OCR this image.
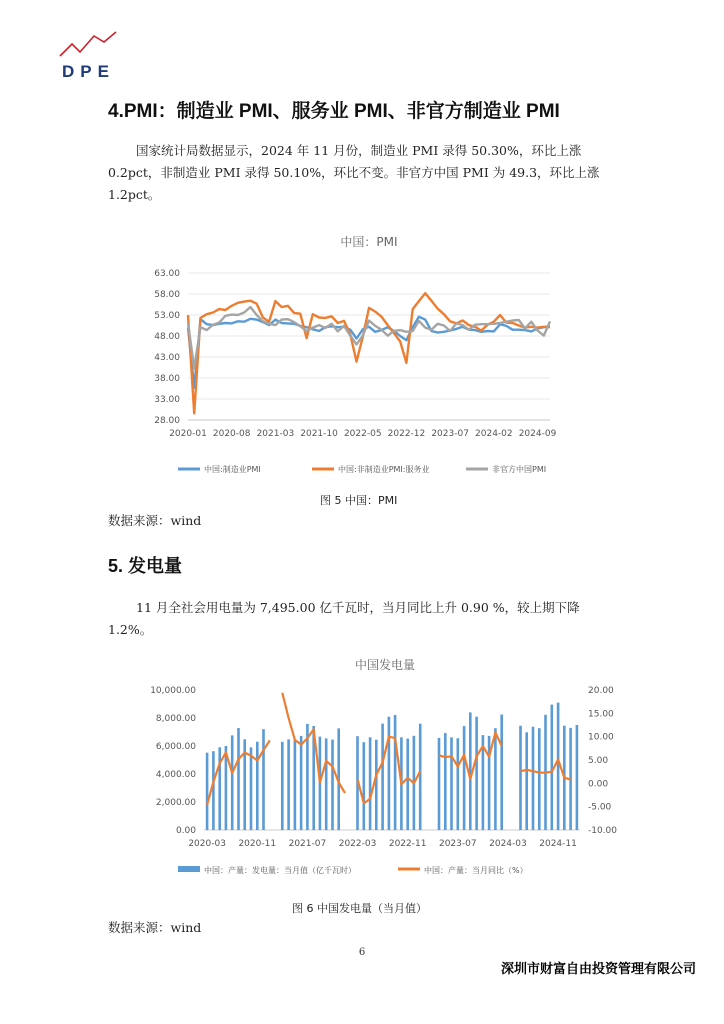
DPE
4.PMI：制造业 PMI、服务业 PMI、非官方制造业 PMI
国家统计局数据显示，2024 年 11 月份，制造业 PMI 录得 50.30%，环比上涨 0.2pct，非制造业 PMI 录得 50.10%，环比不变。非官方中国 PMI 为 49.3，环比上涨 1.2pct。
中国：PMI
63.00
58.00
53.00
48.00
43.00
38.00
33.00
28.00
2020-01 2020-08 2021-03 2021-10 2022-05 2022-12 2023-07 2024-02 2024-09
中国:制造业PMI	中国:非制造业PMI:服务业	非官方中国PMI
图 5 中国：PMI
数据来源：wind
5. 发电量
11 月全社会用电量为 7,495.00 亿千瓦时，当月同比上升 0.90 %，较上期下降 1.2%。
中国发电量
10,000.00
8,000.00
6,000.00
4,000.00
2,000.00
0.00
20.00
15.00
10.00
5.00
0.00
-5.00
-10.00
2020-03 2020-11 2021-07 2022-03 2022-11 2023-07 2024-03 2024-11
中国：产量：发电量：当月值（亿千瓦时）	中国：产量：当月同比（%）
图 6 中国发电量（当月值）
数据来源：wind
6
深圳市财富自由投资管理有限公司
